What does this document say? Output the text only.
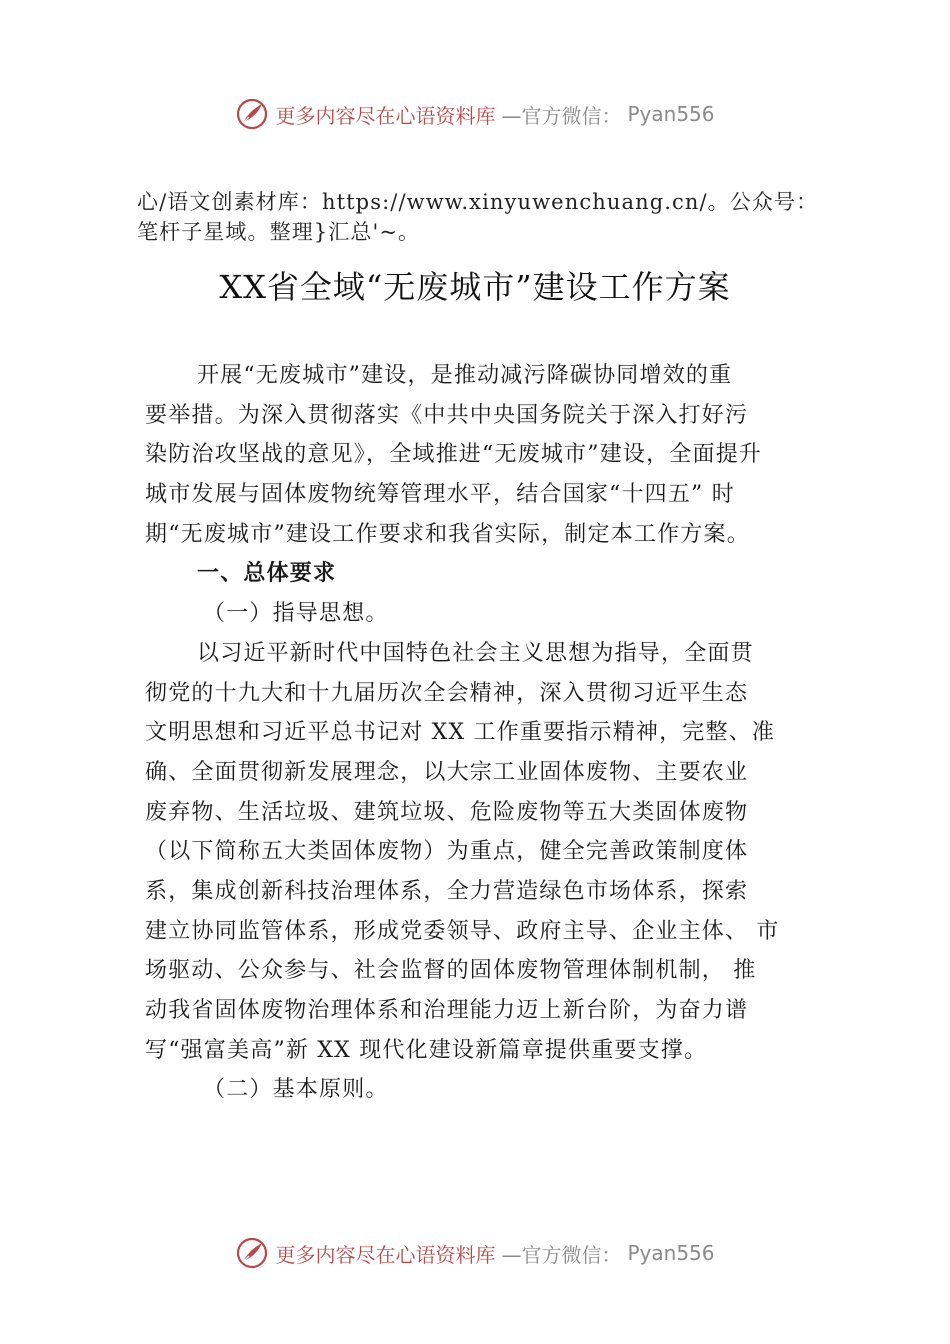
更多内容尽在心语资料库 —官方微信： Pyan556
心/语文创素材库：https://www.xinyuwenchuang.cn/。公众号：
笔杆子星域。整理}汇总'~。
XX省全域“无废城市”建设工作方案
开展“无废城市”建设，是推动减污降碳协同增效的重
要举措。为深入贯彻落实《中共中央国务院关于深入打好污
染防治攻坚战的意见》，全域推进“无废城市”建设，全面提升
城市发展与固体废物统筹管理水平，结合国家“十四五” 时
期“无废城市”建设工作要求和我省实际，制定本工作方案。
一、总体要求
（一）指导思想。
以习近平新时代中国特色社会主义思想为指导，全面贯
彻党的十九大和十九届历次全会精神，深入贯彻习近平生态
文明思想和习近平总书记对 XX 工作重要指示精神，完整、准
确、全面贯彻新发展理念，以大宗工业固体废物、主要农业
废弃物、生活垃圾、建筑垃圾、危险废物等五大类固体废物
（以下简称五大类固体废物）为重点，健全完善政策制度体
系，集成创新科技治理体系，全力营造绿色市场体系，探索
建立协同监管体系，形成党委领导、政府主导、企业主体、 市
场驱动、公众参与、社会监督的固体废物管理体制机制， 推
动我省固体废物治理体系和治理能力迈上新台阶，为奋力谱
写“强富美高”新 XX 现代化建设新篇章提供重要支撑。
（二）基本原则。
更多内容尽在心语资料库 —官方微信： Pyan556
